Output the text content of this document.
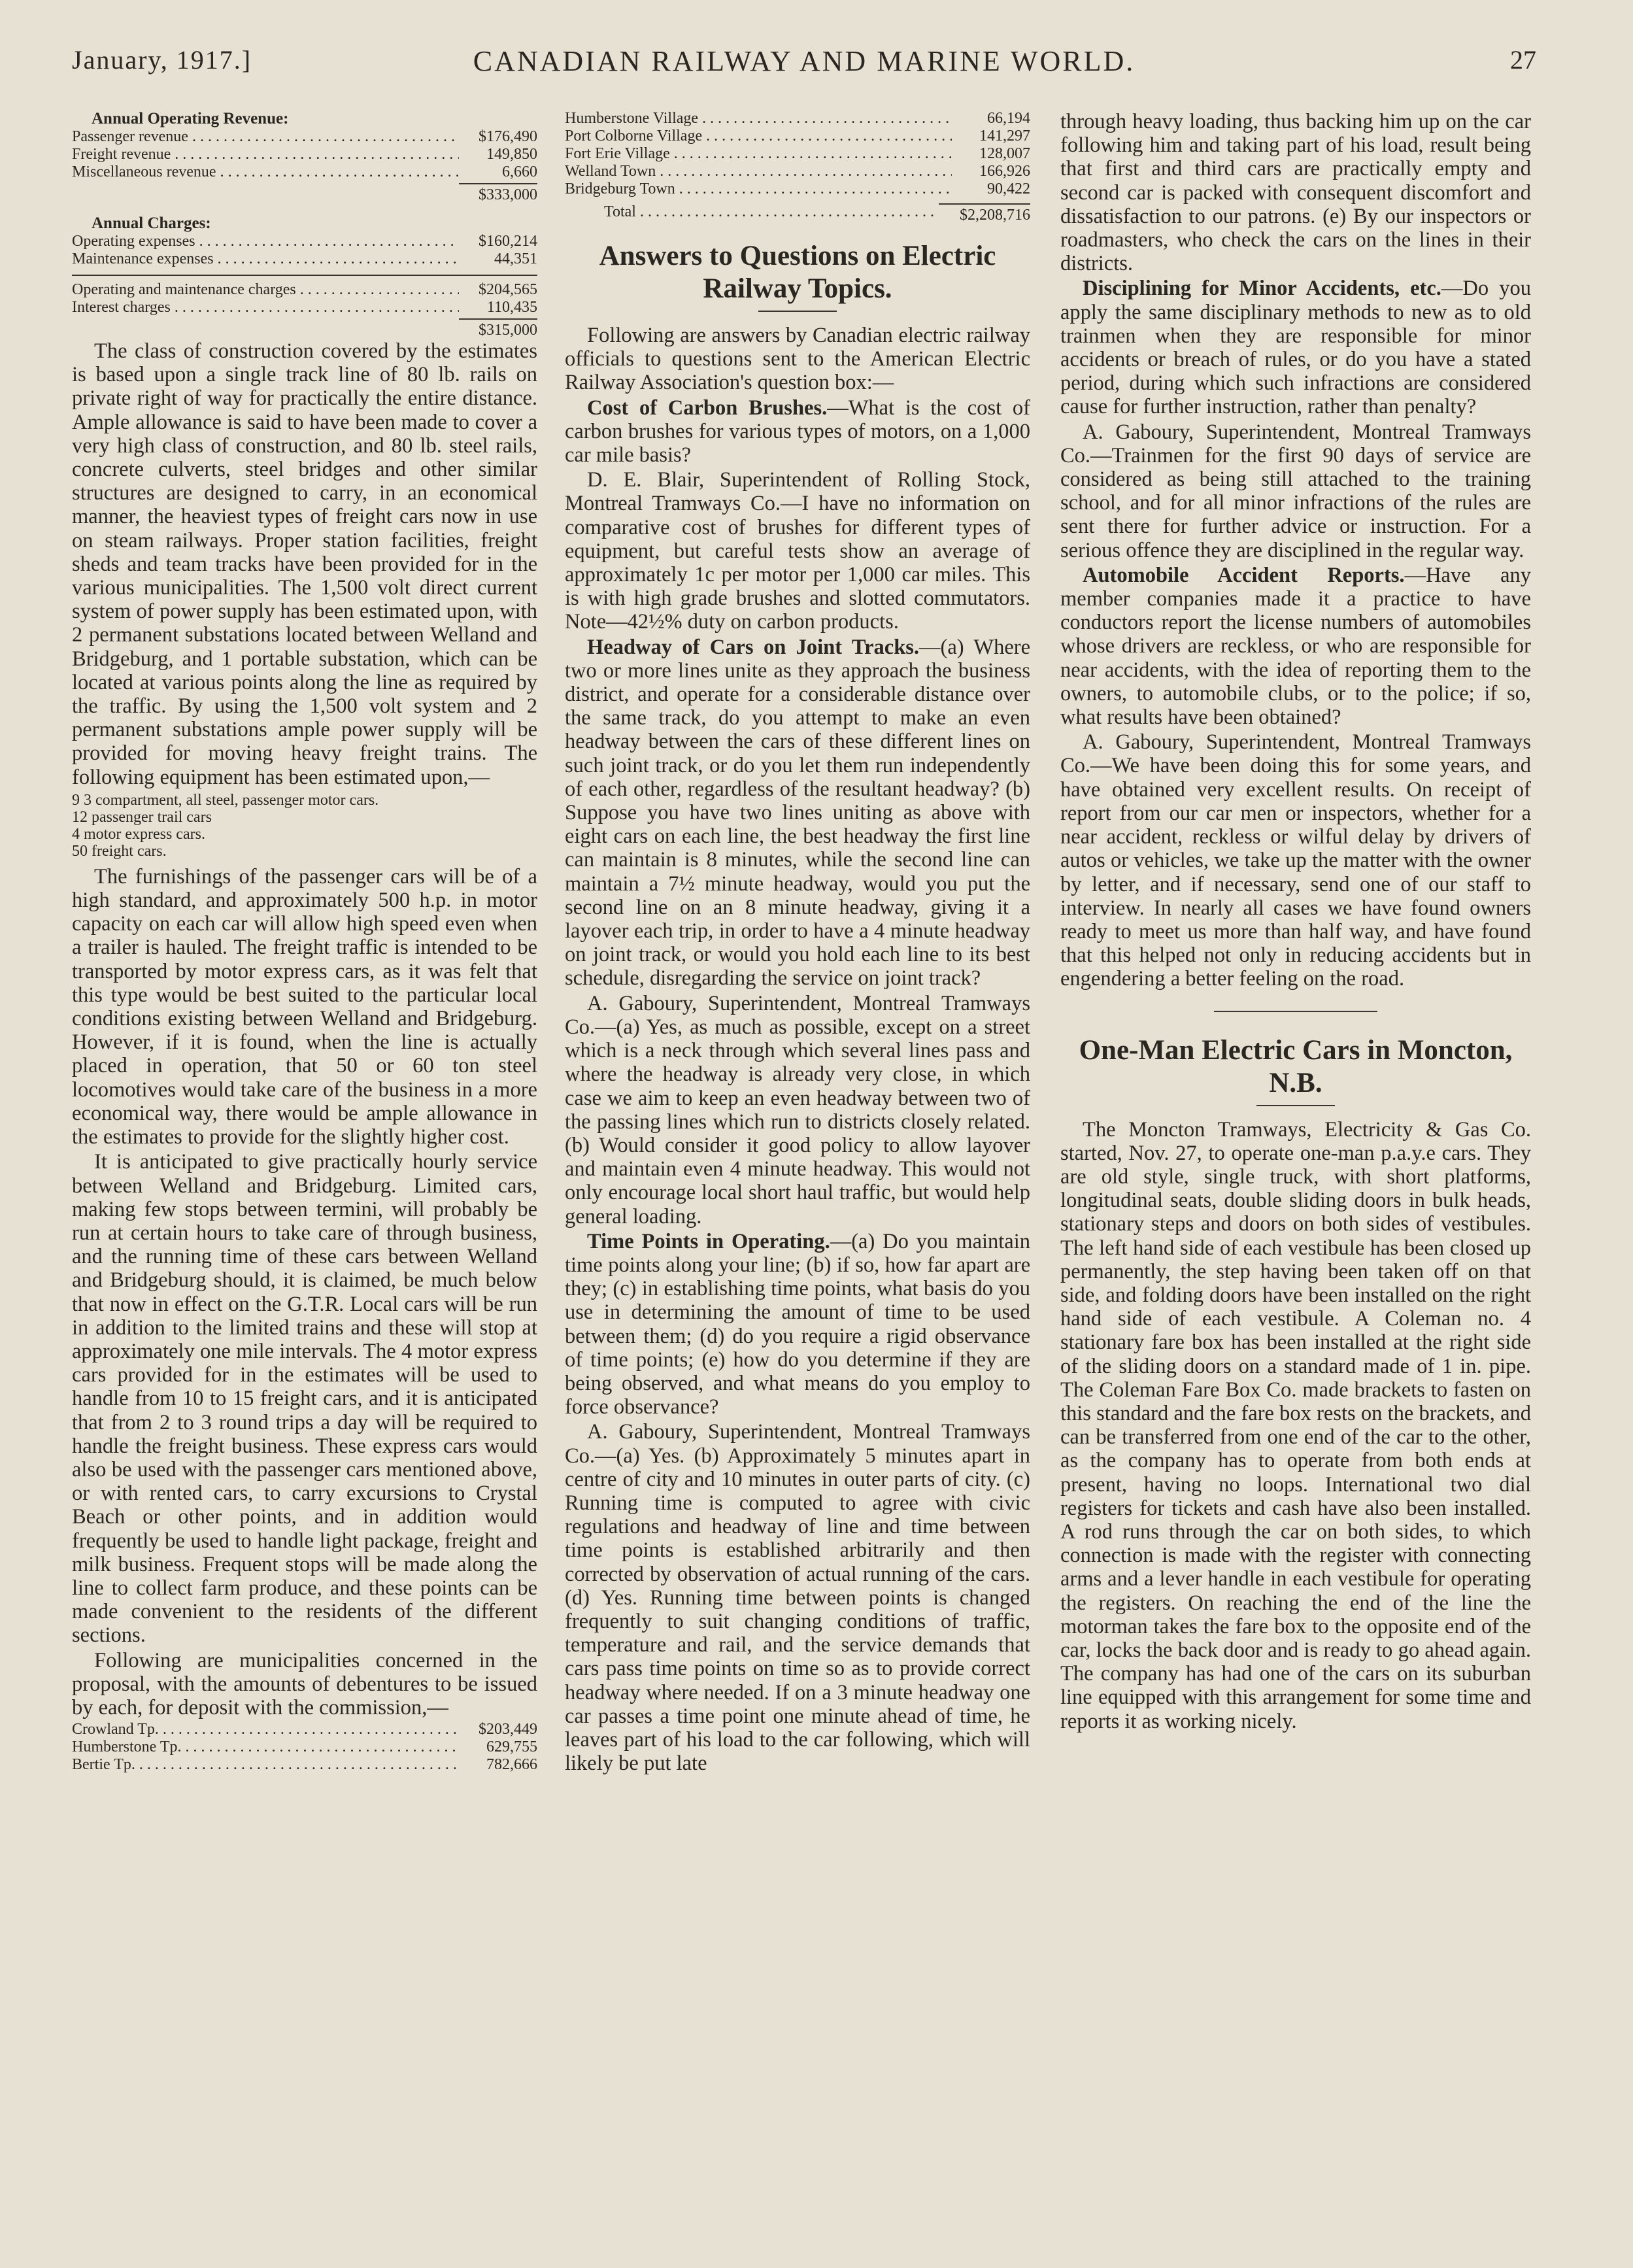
January, 1917.]	CANADIAN RAILWAY AND MARINE WORLD.	27
Annual Operating Revenue:
Passenger revenue . . .	$176,490
Freight revenue . . .	149,850
Miscellaneous revenue . . .	6,660
$333,000
Annual Charges:
Operating expenses . . .	$160,214
Maintenance expenses . . .	44,351
Operating and maintenance charges . . .	$204,565
Interest charges . . .	110,435
$315,000

The class of construction covered by the estimates is based upon a single track line of 80 lb. rails on private right of way for practically the entire distance. Ample allowance is said to have been made to cover a very high class of construction, and 80 lb. steel rails, concrete culverts, steel bridges and other similar structures are designed to carry, in an economical manner, the heaviest types of freight cars now in use on steam railways. Proper station facilities, freight sheds and team tracks have been provided for in the various municipalities. The 1,500 volt direct current system of power supply has been estimated upon, with 2 permanent substations located between Welland and Bridgeburg, and 1 portable substation, which can be located at various points along the line as required by the traffic. By using the 1,500 volt system and 2 permanent substations ample power supply will be provided for moving heavy freight trains. The following equipment has been estimated upon,—

9 3 compartment, all steel, passenger motor cars.
12 passenger trail cars
4 motor express cars.
50 freight cars.

The furnishings of the passenger cars will be of a high standard, and approximately 500 h.p. in motor capacity on each car will allow high speed even when a trailer is hauled. The freight traffic is intended to be transported by motor express cars, as it was felt that this type would be best suited to the particular local conditions existing between Welland and Bridgeburg. However, if it is found, when the line is actually placed in operation, that 50 or 60 ton steel locomotives would take care of the business in a more economical way, there would be ample allowance in the estimates to provide for the slightly higher cost.

It is anticipated to give practically hourly service between Welland and Bridgeburg. Limited cars, making few stops between termini, will probably be run at certain hours to take care of through business, and the running time of these cars between Welland and Bridgeburg should, it is claimed, be much below that now in effect on the G.T.R. Local cars will be run in addition to the limited trains and these will stop at approximately one mile intervals. The 4 motor express cars provided for in the estimates will be used to handle from 10 to 15 freight cars, and it is anticipated that from 2 to 3 round trips a day will be required to handle the freight business. These express cars would also be used with the passenger cars mentioned above, or with rented cars, to carry excursions to Crystal Beach or other points, and in addition would frequently be used to handle light package, freight and milk business. Frequent stops will be made along the line to collect farm produce, and these points can be made convenient to the residents of the different sections.

Following are municipalities concerned in the proposal, with the amounts of debentures to be issued by each, for deposit with the commission,—

Crowland Tp. . . .	$203,449
Humberstone Tp. . . .	629,755
Bertie Tp. . . .	782,666
Humberstone Village . . .	66,194
Port Colborne Village . . .	141,297
Fort Erie Village . . .	128,007
Welland Town . . .	166,926
Bridgeburg Town . . .	90,422
Total . . .	$2,208,716
Answers to Questions on Electric Railway Topics.

Following are answers by Canadian electric railway officials to questions sent to the American Electric Railway Association's question box:—

Cost of Carbon Brushes.—What is the cost of carbon brushes for various types of motors, on a 1,000 car mile basis?

D. E. Blair, Superintendent of Rolling Stock, Montreal Tramways Co.—I have no information on comparative cost of brushes for different types of equipment, but careful tests show an average of approximately 1c per motor per 1,000 car miles. This is with high grade brushes and slotted commutators. Note—42½% duty on carbon products.

Headway of Cars on Joint Tracks.—(a) Where two or more lines unite as they approach the business district, and operate for a considerable distance over the same track, do you attempt to make an even headway between the cars of these different lines on such joint track, or do you let them run independently of each other, regardless of the resultant headway? (b) Suppose you have two lines uniting as above with eight cars on each line, the best headway the first line can maintain is 8 minutes, while the second line can maintain a 7½ minute headway, would you put the second line on an 8 minute headway, giving it a layover each trip, in order to have a 4 minute headway on joint track, or would you hold each line to its best schedule, disregarding the service on joint track?

A. Gaboury, Superintendent, Montreal Tramways Co.—(a) Yes, as much as possible, except on a street which is a neck through which several lines pass and where the headway is already very close, in which case we aim to keep an even headway between two of the passing lines which run to districts closely related. (b) Would consider it good policy to allow layover and maintain even 4 minute headway. This would not only encourage local short haul traffic, but would help general loading.

Time Points in Operating.—(a) Do you maintain time points along your line; (b) if so, how far apart are they; (c) in establishing time points, what basis do you use in determining the amount of time to be used between them; (d) do you require a rigid observance of time points; (e) how do you determine if they are being observed, and what means do you employ to force observance?

A. Gaboury, Superintendent, Montreal Tramways Co.—(a) Yes. (b) Approximately 5 minutes apart in centre of city and 10 minutes in outer parts of city. (c) Running time is computed to agree with civic regulations and headway of line and time between time points is established arbitrarily and then corrected by observation of actual running of the cars. (d) Yes. Running time between points is changed frequently to suit changing conditions of traffic, temperature and rail, and the service demands that cars pass time points on time so as to provide correct headway where needed. If on a 3 minute headway one car passes a time point one minute ahead of time, he leaves part of his load to the car following, which will likely be put late

through heavy loading, thus backing him up on the car following him and taking part of his load, result being that first and third cars are practically empty and second car is packed with consequent discomfort and dissatisfaction to our patrons. (e) By our inspectors or roadmasters, who check the cars on the lines in their districts.

Disciplining for Minor Accidents, etc.—Do you apply the same disciplinary methods to new as to old trainmen when they are responsible for minor accidents or breach of rules, or do you have a stated period, during which such infractions are considered cause for further instruction, rather than penalty?

A. Gaboury, Superintendent, Montreal Tramways Co.—Trainmen for the first 90 days of service are considered as being still attached to the training school, and for all minor infractions of the rules are sent there for further advice or instruction. For a serious offence they are disciplined in the regular way.

Automobile Accident Reports.—Have any member companies made it a practice to have conductors report the license numbers of automobiles whose drivers are reckless, or who are responsible for near accidents, with the idea of reporting them to the owners, to automobile clubs, or to the police; if so, what results have been obtained?

A. Gaboury, Superintendent, Montreal Tramways Co.—We have been doing this for some years, and have obtained very excellent results. On receipt of report from our car men or inspectors, whether for a near accident, reckless or wilful delay by drivers of autos or vehicles, we take up the matter with the owner by letter, and if necessary, send one of our staff to interview. In nearly all cases we have found owners ready to meet us more than half way, and have found that this helped not only in reducing accidents but in engendering a better feeling on the road.

One-Man Electric Cars in Moncton, N.B.

The Moncton Tramways, Electricity & Gas Co. started, Nov. 27, to operate one-man p.a.y.e cars. They are old style, single truck, with short platforms, longitudinal seats, double sliding doors in bulk heads, stationary steps and doors on both sides of vestibules. The left hand side of each vestibule has been closed up permanently, the step having been taken off on that side, and folding doors have been installed on the right hand side of each vestibule. A Coleman no. 4 stationary fare box has been installed at the right side of the sliding doors on a standard made of 1 in. pipe. The Coleman Fare Box Co. made brackets to fasten on this standard and the fare box rests on the brackets, and can be transferred from one end of the car to the other, as the company has to operate from both ends at present, having no loops. International two dial registers for tickets and cash have also been installed. A rod runs through the car on both sides, to which connection is made with the register with connecting arms and a lever handle in each vestibule for operating the registers. On reaching the end of the line the motorman takes the fare box to the opposite end of the car, locks the back door and is ready to go ahead again. The company has had one of the cars on its suburban line equipped with this arrangement for some time and reports it as working nicely.
